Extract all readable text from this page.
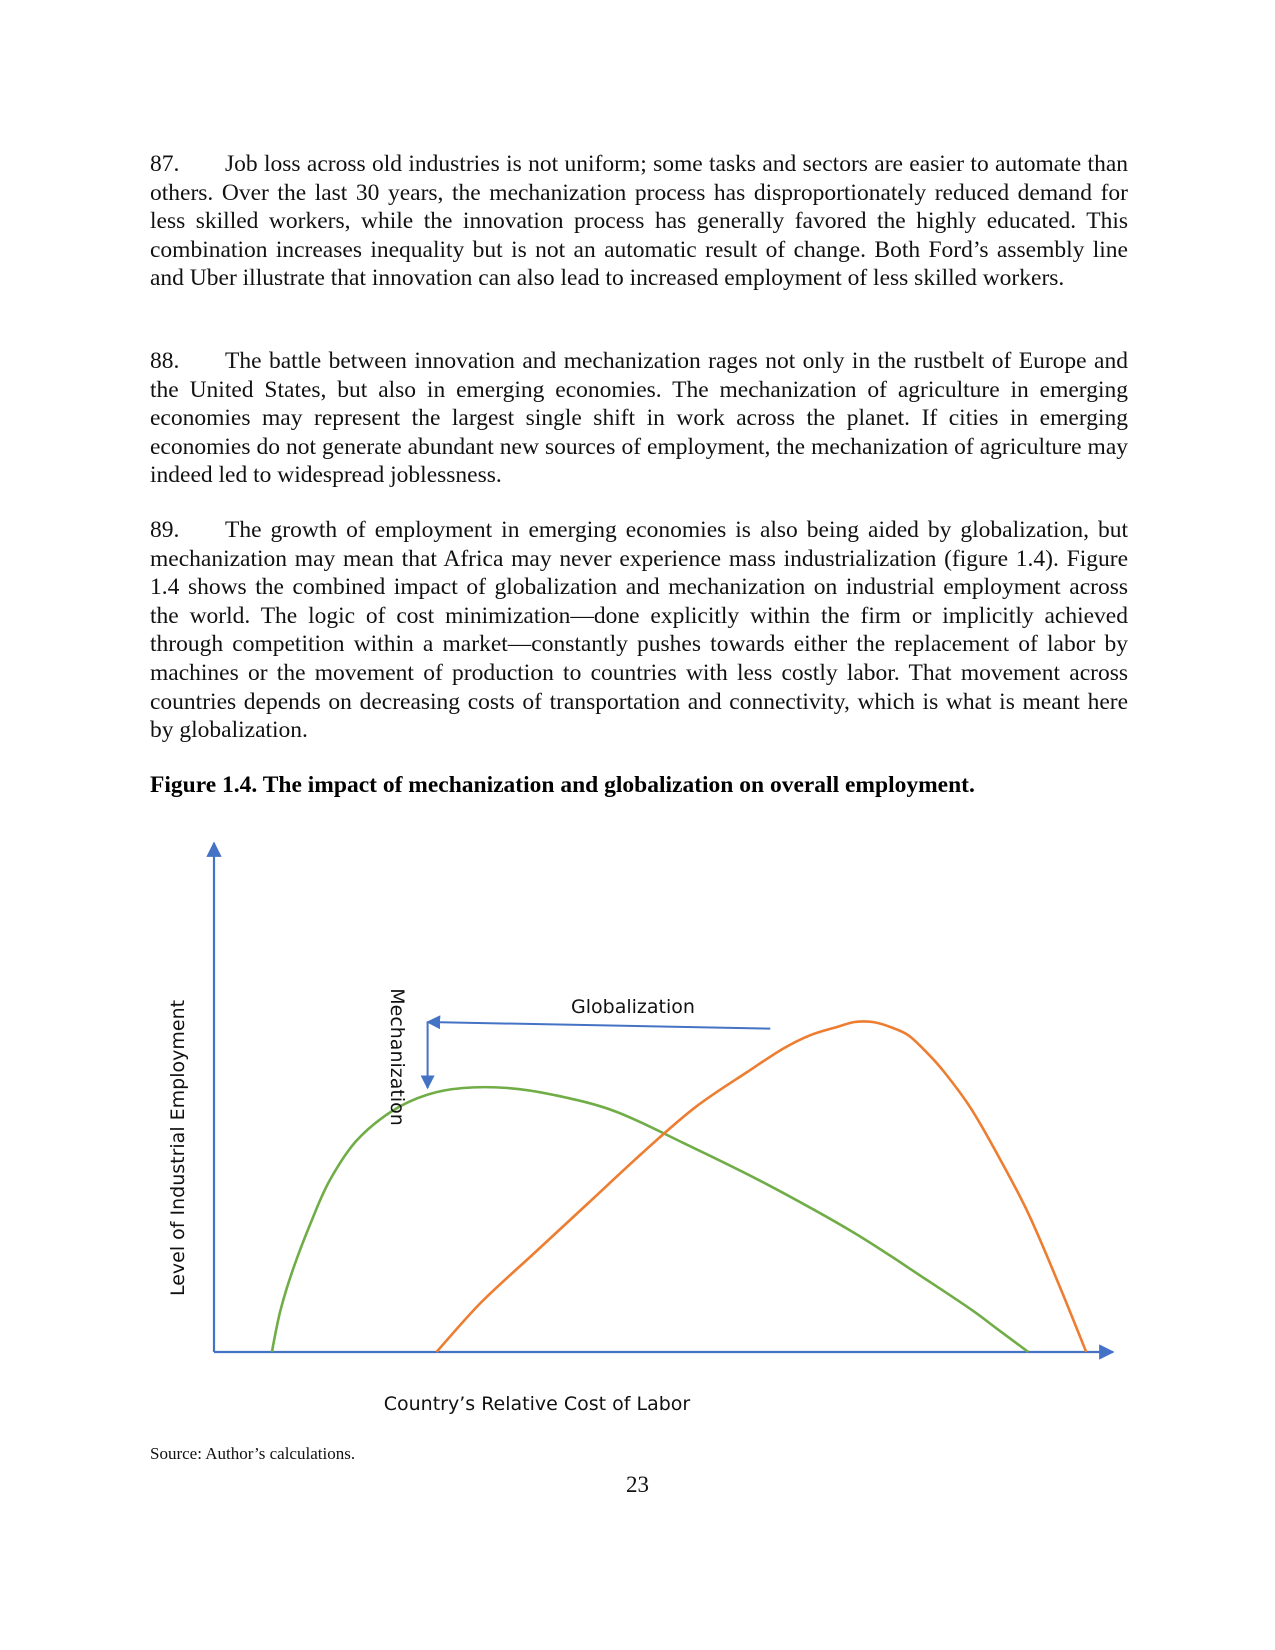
87. Job loss across old industries is not uniform; some tasks and sectors are easier to automate than others. Over the last 30 years, the mechanization process has disproportionately reduced demand for less skilled workers, while the innovation process has generally favored the highly educated. This combination increases inequality but is not an automatic result of change. Both Ford’s assembly line and Uber illustrate that innovation can also lead to increased employment of less skilled workers.

88. The battle between innovation and mechanization rages not only in the rustbelt of Europe and the United States, but also in emerging economies. The mechanization of agriculture in emerging economies may represent the largest single shift in work across the planet. If cities in emerging economies do not generate abundant new sources of employment, the mechanization of agriculture may indeed led to widespread joblessness.

89. The growth of employment in emerging economies is also being aided by globalization, but mechanization may mean that Africa may never experience mass industrialization (figure 1.4). Figure 1.4 shows the combined impact of globalization and mechanization on industrial employment across the world. The logic of cost minimization—done explicitly within the firm or implicitly achieved through competition within a market—constantly pushes towards either the replacement of labor by machines or the movement of production to countries with less costly labor. That movement across countries depends on decreasing costs of transportation and connectivity, which is what is meant here by globalization.

Figure 1.4. The impact of mechanization and globalization on overall employment.

Globalization
Mechanization
Country’s Relative Cost of Labor
Level of Industrial Employment

Source: Author’s calculations.

23
